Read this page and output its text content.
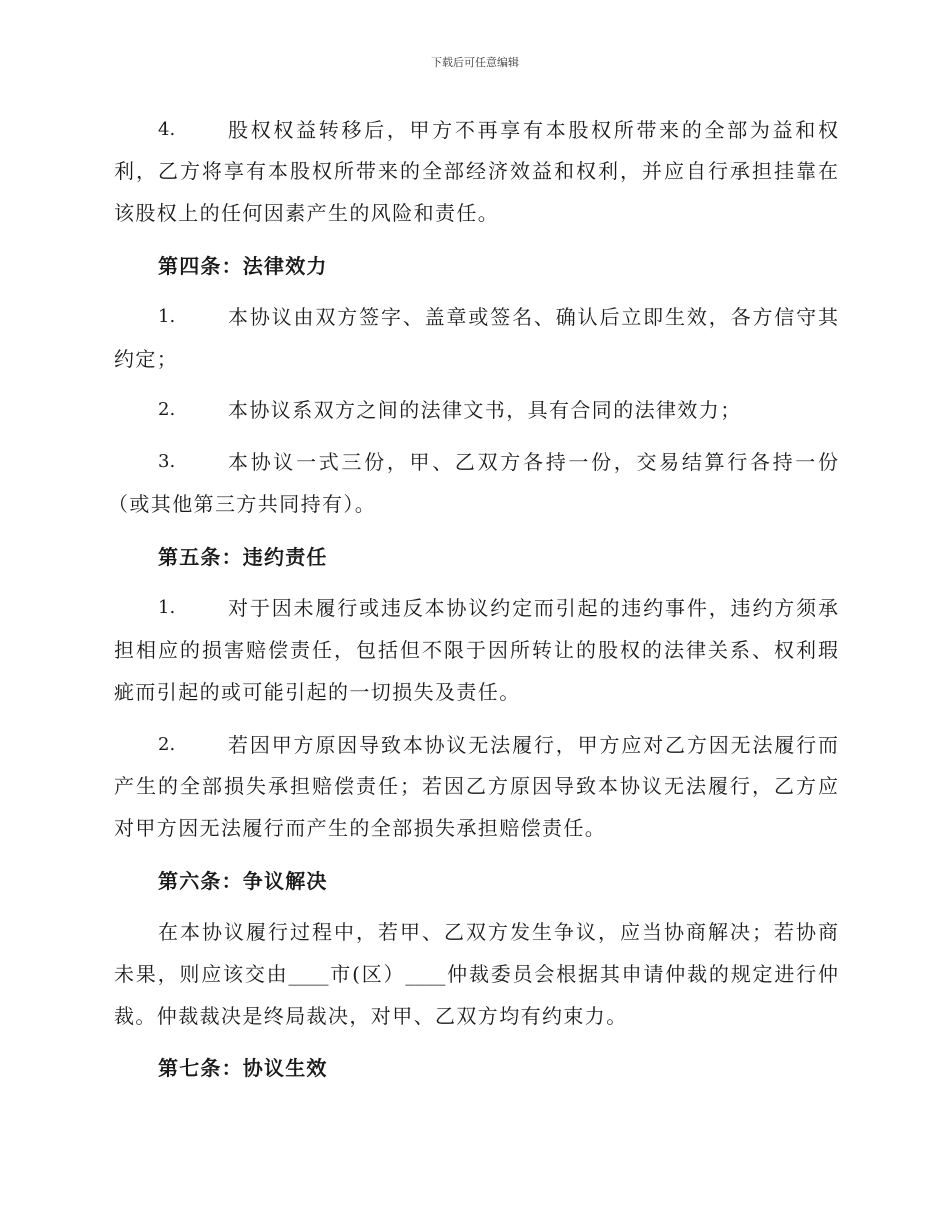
下载后可任意编辑
4.	股权权益转移后，甲方不再享有本股权所带来的全部为益和权
利，乙方将享有本股权所带来的全部经济效益和权利，并应自行承担挂靠在
该股权上的任何因素产生的风险和责任。
第四条：法律效力
1.	本协议由双方签字、盖章或签名、确认后立即生效，各方信守其
约定；
2.	本协议系双方之间的法律文书，具有合同的法律效力；
3.	本协议一式三份，甲、乙双方各持一份，交易结算行各持一份
（或其他第三方共同持有）。
第五条：违约责任
1.	对于因未履行或违反本协议约定而引起的违约事件，违约方须承
担相应的损害赔偿责任，包括但不限于因所转让的股权的法律关系、权利瑕
疵而引起的或可能引起的一切损失及责任。
2.	若因甲方原因导致本协议无法履行，甲方应对乙方因无法履行而
产生的全部损失承担赔偿责任；若因乙方原因导致本协议无法履行，乙方应
对甲方因无法履行而产生的全部损失承担赔偿责任。
第六条：争议解决
在本协议履行过程中，若甲、乙双方发生争议，应当协商解决；若协商
未果，则应该交由____市(区）____仲裁委员会根据其申请仲裁的规定进行仲
裁。仲裁裁决是终局裁决，对甲、乙双方均有约束力。
第七条：协议生效
